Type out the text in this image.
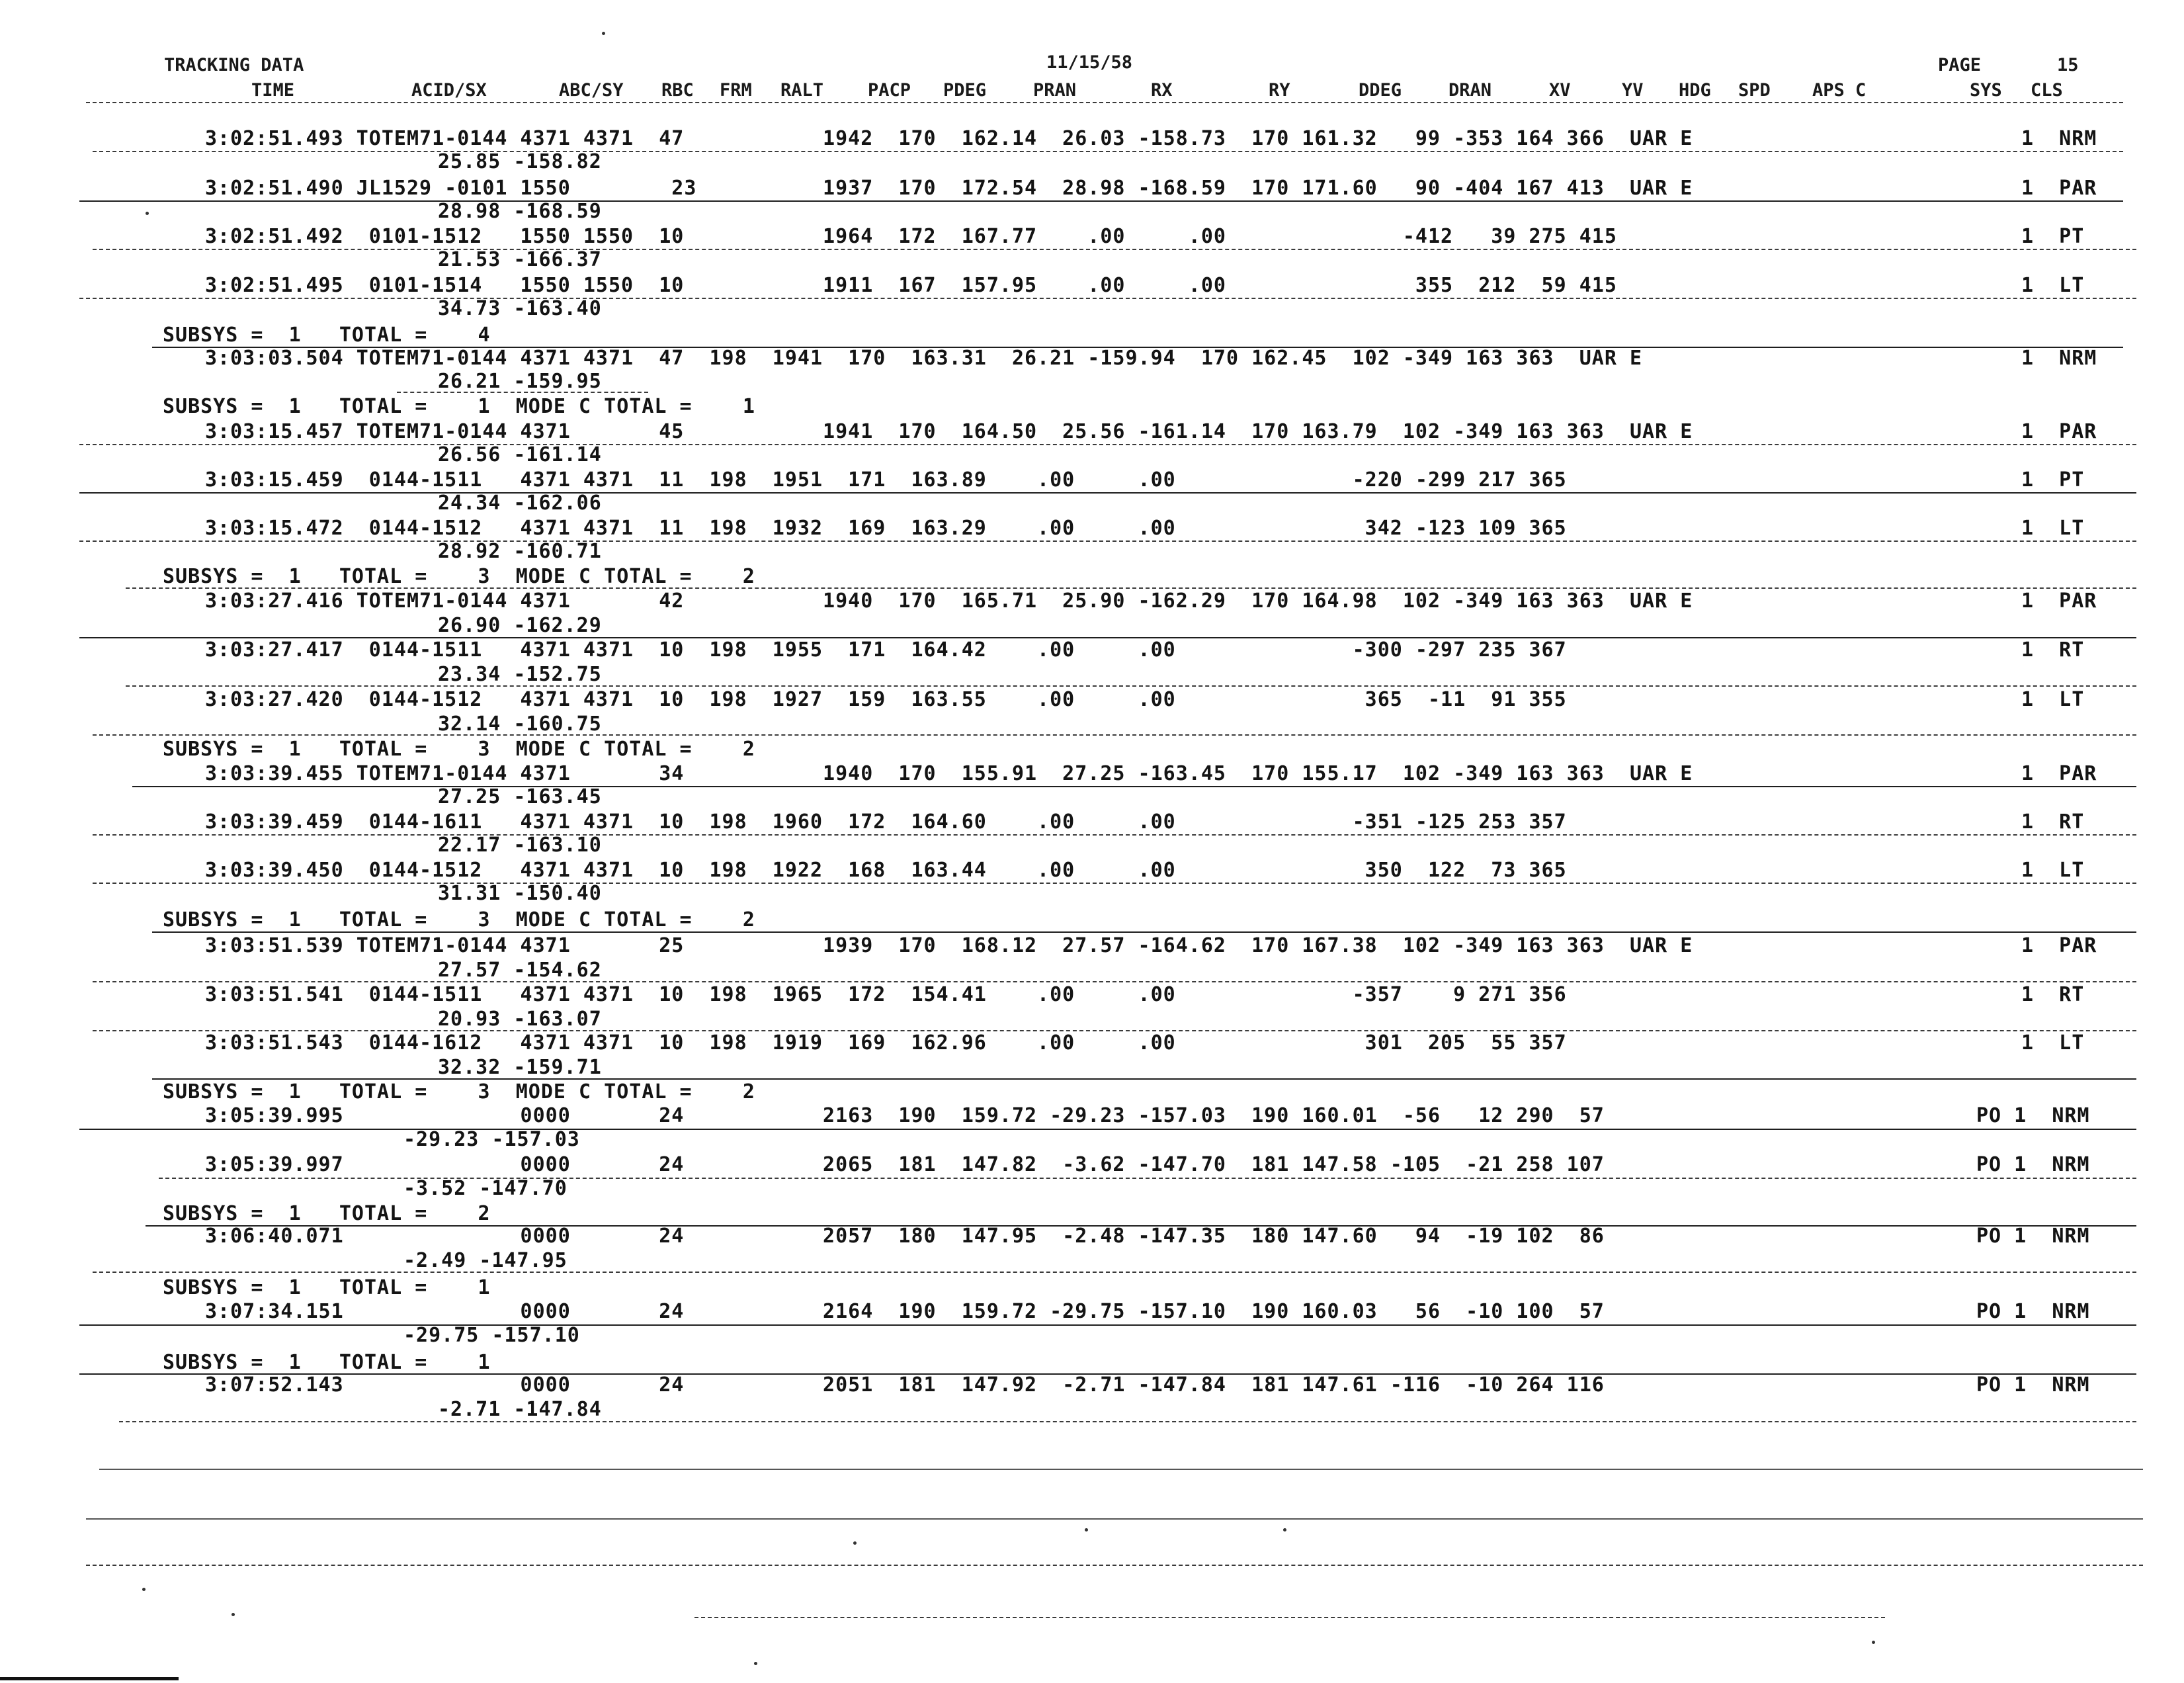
TRACKING DATA	11/15/58	PAGE	15
TIME	ACID/SX	ABC/SY RBC FRM RALT PACP PDEG	PRAN	RX	RY	DDEG	DRAN	XV	YV HDG SPD APS C	SYS CLS
3:02:51.493 TOTEM71-0144 4371 4371  47           1942  170  162.14  26.03 -158.73  170 161.32   99 -353 164 366  UAR E	1  NRM
25.85 -158.82
3:02:51.490 JL1529 -0101 1550        23          1937  170  172.54  28.98 -168.59  170 171.60   90 -404 167 413  UAR E	1  PAR
28.98 -168.59
3:02:51.492  0101-1512   1550 1550  10           1964  172  167.77    .00     .00              -412   39 275 415	1  PT
21.53 -166.37
3:02:51.495  0101-1514   1550 1550  10           1911  167  157.95    .00     .00               355  212  59 415	1  LT
34.73 -163.40
SUBSYS =  1   TOTAL =    4
3:03:03.504 TOTEM71-0144 4371 4371  47  198  1941  170  163.31  26.21 -159.94  170 162.45  102 -349 163 363  UAR E	1  NRM
26.21 -159.95
SUBSYS =  1   TOTAL =    1  MODE C TOTAL =    1
3:03:15.457 TOTEM71-0144 4371       45           1941  170  164.50  25.56 -161.14  170 163.79  102 -349 163 363  UAR E	1  PAR
26.56 -161.14
3:03:15.459  0144-1511   4371 4371  11  198  1951  171  163.89    .00     .00              -220 -299 217 365	1  PT
24.34 -162.06
3:03:15.472  0144-1512   4371 4371  11  198  1932  169  163.29    .00     .00               342 -123 109 365	1  LT
28.92 -160.71
SUBSYS =  1   TOTAL =    3  MODE C TOTAL =    2
3:03:27.416 TOTEM71-0144 4371       42           1940  170  165.71  25.90 -162.29  170 164.98  102 -349 163 363  UAR E	1  PAR
26.90 -162.29
3:03:27.417  0144-1511   4371 4371  10  198  1955  171  164.42    .00     .00              -300 -297 235 367	1  RT
23.34 -152.75
3:03:27.420  0144-1512   4371 4371  10  198  1927  159  163.55    .00     .00               365  -11  91 355	1  LT
32.14 -160.75
SUBSYS =  1   TOTAL =    3  MODE C TOTAL =    2
3:03:39.455 TOTEM71-0144 4371       34           1940  170  155.91  27.25 -163.45  170 155.17  102 -349 163 363  UAR E	1  PAR
27.25 -163.45
3:03:39.459  0144-1611   4371 4371  10  198  1960  172  164.60    .00     .00              -351 -125 253 357	1  RT
22.17 -163.10
3:03:39.450  0144-1512   4371 4371  10  198  1922  168  163.44    .00     .00               350  122  73 365	1  LT
31.31 -150.40
SUBSYS =  1   TOTAL =    3  MODE C TOTAL =    2
3:03:51.539 TOTEM71-0144 4371       25           1939  170  168.12  27.57 -164.62  170 167.38  102 -349 163 363  UAR E	1  PAR
27.57 -154.62
3:03:51.541  0144-1511   4371 4371  10  198  1965  172  154.41    .00     .00              -357    9 271 356	1  RT
20.93 -163.07
3:03:51.543  0144-1612   4371 4371  10  198  1919  169  162.96    .00     .00               301  205  55 357	1  LT
32.32 -159.71
SUBSYS =  1   TOTAL =    3  MODE C TOTAL =    2
3:05:39.995              0000       24           2163  190  159.72 -29.23 -157.03  190 160.01  -56   12 290  57	PO 1  NRM
-29.23 -157.03
3:05:39.997              0000       24           2065  181  147.82  -3.62 -147.70  181 147.58 -105  -21 258 107	PO 1  NRM
-3.52 -147.70
SUBSYS =  1   TOTAL =    2
3:06:40.071              0000       24           2057  180  147.95  -2.48 -147.35  180 147.60   94  -19 102  86	PO 1  NRM
-2.49 -147.95
SUBSYS =  1   TOTAL =    1
3:07:34.151              0000       24           2164  190  159.72 -29.75 -157.10  190 160.03   56  -10 100  57	PO 1  NRM
-29.75 -157.10
SUBSYS =  1   TOTAL =    1
3:07:52.143              0000       24           2051  181  147.92  -2.71 -147.84  181 147.61 -116  -10 264 116	PO 1  NRM
-2.71 -147.84
